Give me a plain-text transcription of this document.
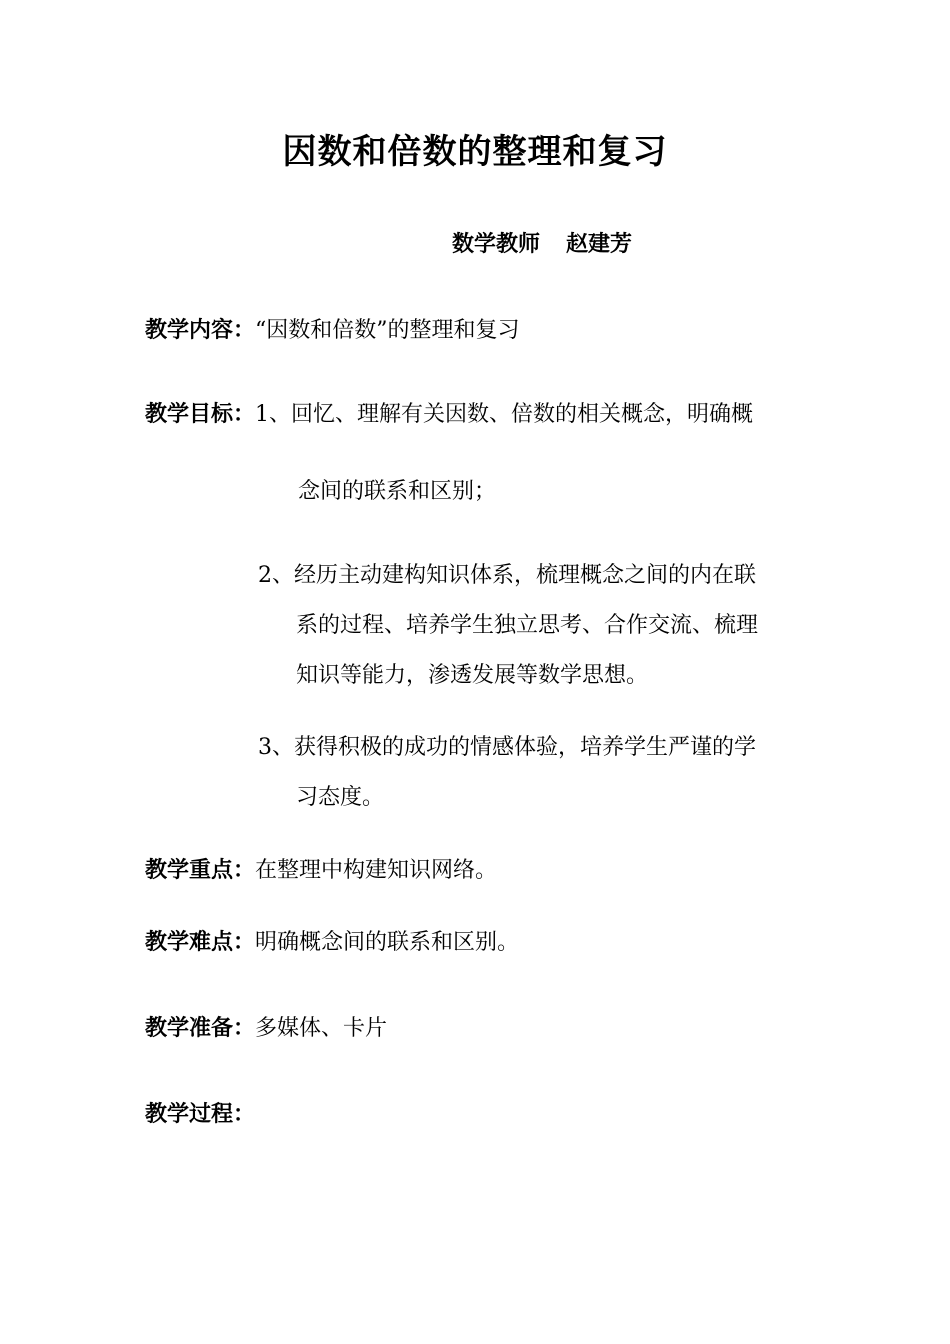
因数和倍数的整理和复习
数学教师 赵建芳
教学内容：“因数和倍数”的整理和复习
教学目标：1、回忆、理解有关因数、倍数的相关概念，明确概
念间的联系和区别；
2、经历主动建构知识体系，梳理概念之间的内在联
系的过程、培养学生独立思考、合作交流、梳理
知识等能力，渗透发展等数学思想。
3、获得积极的成功的情感体验，培养学生严谨的学
习态度。
教学重点：在整理中构建知识网络。
教学难点：明确概念间的联系和区别。
教学准备：多媒体、卡片
教学过程：
